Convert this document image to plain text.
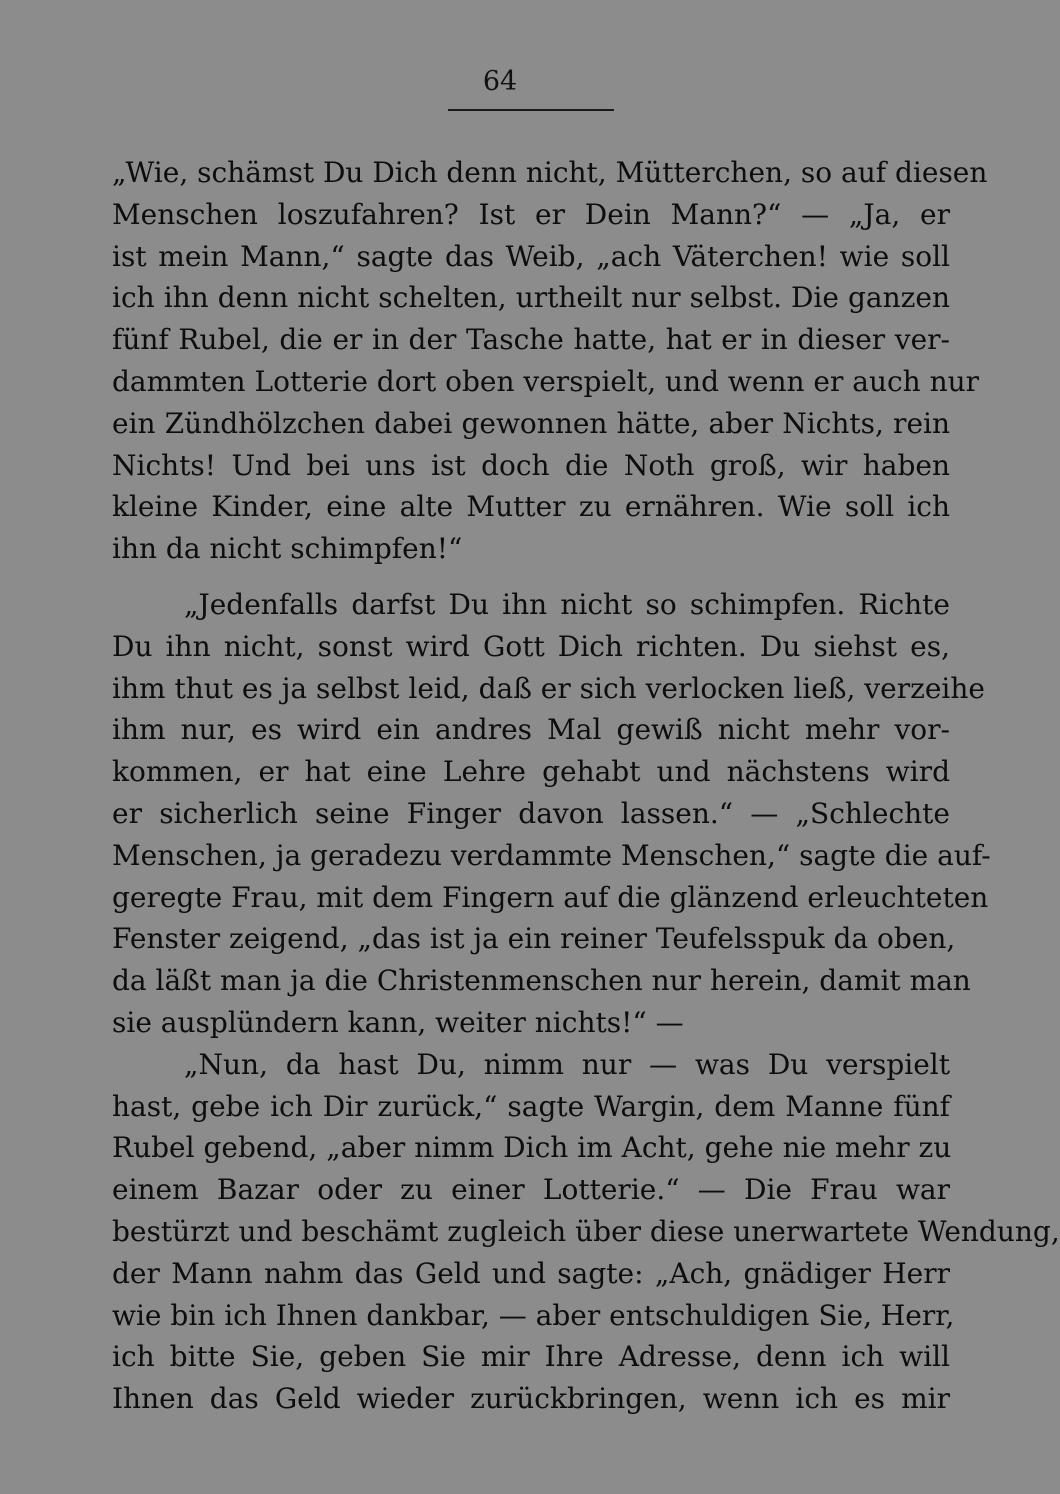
64
„Wie, schämst Du Dich denn nicht, Mütterchen, so auf diesen
Menschen loszufahren? Ist er Dein Mann?“ — „Ja, er
ist mein Mann,“ sagte das Weib, „ach Väterchen! wie soll
ich ihn denn nicht schelten, urtheilt nur selbst. Die ganzen
fünf Rubel, die er in der Tasche hatte, hat er in dieser ver-
dammten Lotterie dort oben verspielt, und wenn er auch nur
ein Zündhölzchen dabei gewonnen hätte, aber Nichts, rein
Nichts! Und bei uns ist doch die Noth groß, wir haben
kleine Kinder, eine alte Mutter zu ernähren. Wie soll ich
ihn da nicht schimpfen!“
„Jedenfalls darfst Du ihn nicht so schimpfen. Richte
Du ihn nicht, sonst wird Gott Dich richten. Du siehst es,
ihm thut es ja selbst leid, daß er sich verlocken ließ, verzeihe
ihm nur, es wird ein andres Mal gewiß nicht mehr vor-
kommen, er hat eine Lehre gehabt und nächstens wird
er sicherlich seine Finger davon lassen.“ — „Schlechte
Menschen, ja geradezu verdammte Menschen,“ sagte die auf-
geregte Frau, mit dem Fingern auf die glänzend erleuchteten
Fenster zeigend, „das ist ja ein reiner Teufelsspuk da oben,
da läßt man ja die Christenmenschen nur herein, damit man
sie ausplündern kann, weiter nichts!“ —
„Nun, da hast Du, nimm nur — was Du verspielt
hast, gebe ich Dir zurück,“ sagte Wargin, dem Manne fünf
Rubel gebend, „aber nimm Dich im Acht, gehe nie mehr zu
einem Bazar oder zu einer Lotterie.“ — Die Frau war
bestürzt und beschämt zugleich über diese unerwartete Wendung,
der Mann nahm das Geld und sagte: „Ach, gnädiger Herr
wie bin ich Ihnen dankbar, — aber entschuldigen Sie, Herr,
ich bitte Sie, geben Sie mir Ihre Adresse, denn ich will
Ihnen das Geld wieder zurückbringen, wenn ich es mir
